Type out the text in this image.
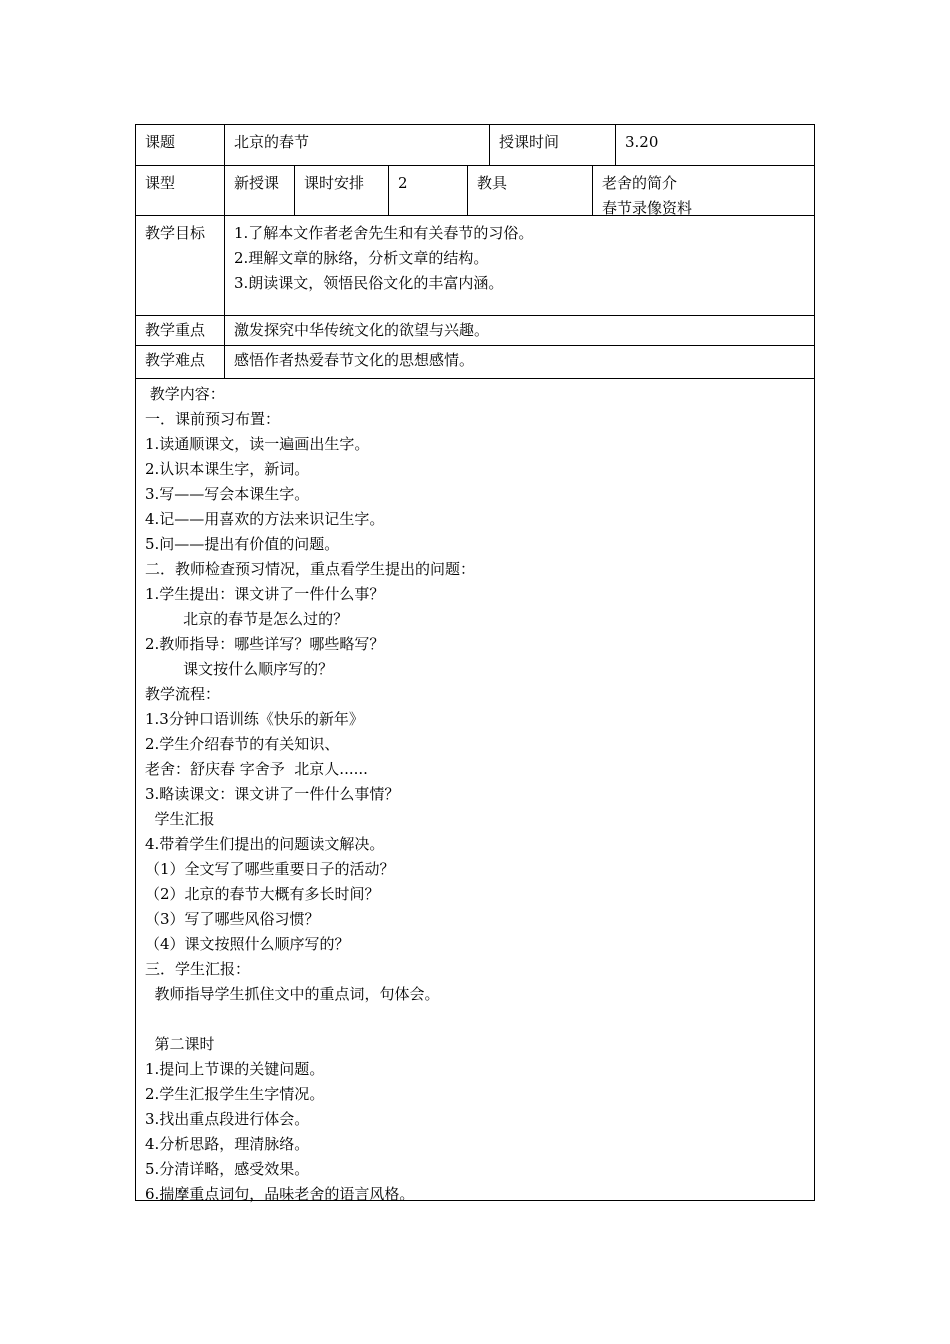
课题	北京的春节	授课时间	3.20
课型	新授课	课时安排	2	教具	老舍的简介
春节录像资料
教学目标	1.了解本文作者老舍先生和有关春节的习俗。
2.理解文章的脉络，分析文章的结构。
3.朗读课文，领悟民俗文化的丰富内涵。
教学重点	激发探究中华传统文化的欲望与兴趣。
教学难点	感悟作者热爱春节文化的思想感情。
教学内容：
一．课前预习布置：
1.读通顺课文，读一遍画出生字。
2.认识本课生字，新词。
3.写——写会本课生字。
4.记——用喜欢的方法来识记生字。
5.问——提出有价值的问题。
二．教师检查预习情况，重点看学生提出的问题：
1.学生提出：课文讲了一件什么事？
北京的春节是怎么过的？
2.教师指导：哪些详写？哪些略写？
课文按什么顺序写的？
教学流程：
1.3分钟口语训练《快乐的新年》
2.学生介绍春节的有关知识、
老舍：舒庆春 字舍予  北京人......
3.略读课文：课文讲了一件什么事情？
学生汇报
4.带着学生们提出的问题读文解决。
（1）全文写了哪些重要日子的活动？
（2）北京的春节大概有多长时间？
（3）写了哪些风俗习惯？
（4）课文按照什么顺序写的？
三．学生汇报：
教师指导学生抓住文中的重点词，句体会。
第二课时
1.提问上节课的关键问题。
2.学生汇报学生生字情况。
3.找出重点段进行体会。
4.分析思路，理清脉络。
5.分清详略，感受效果。
6.揣摩重点词句，品味老舍的语言风格。
